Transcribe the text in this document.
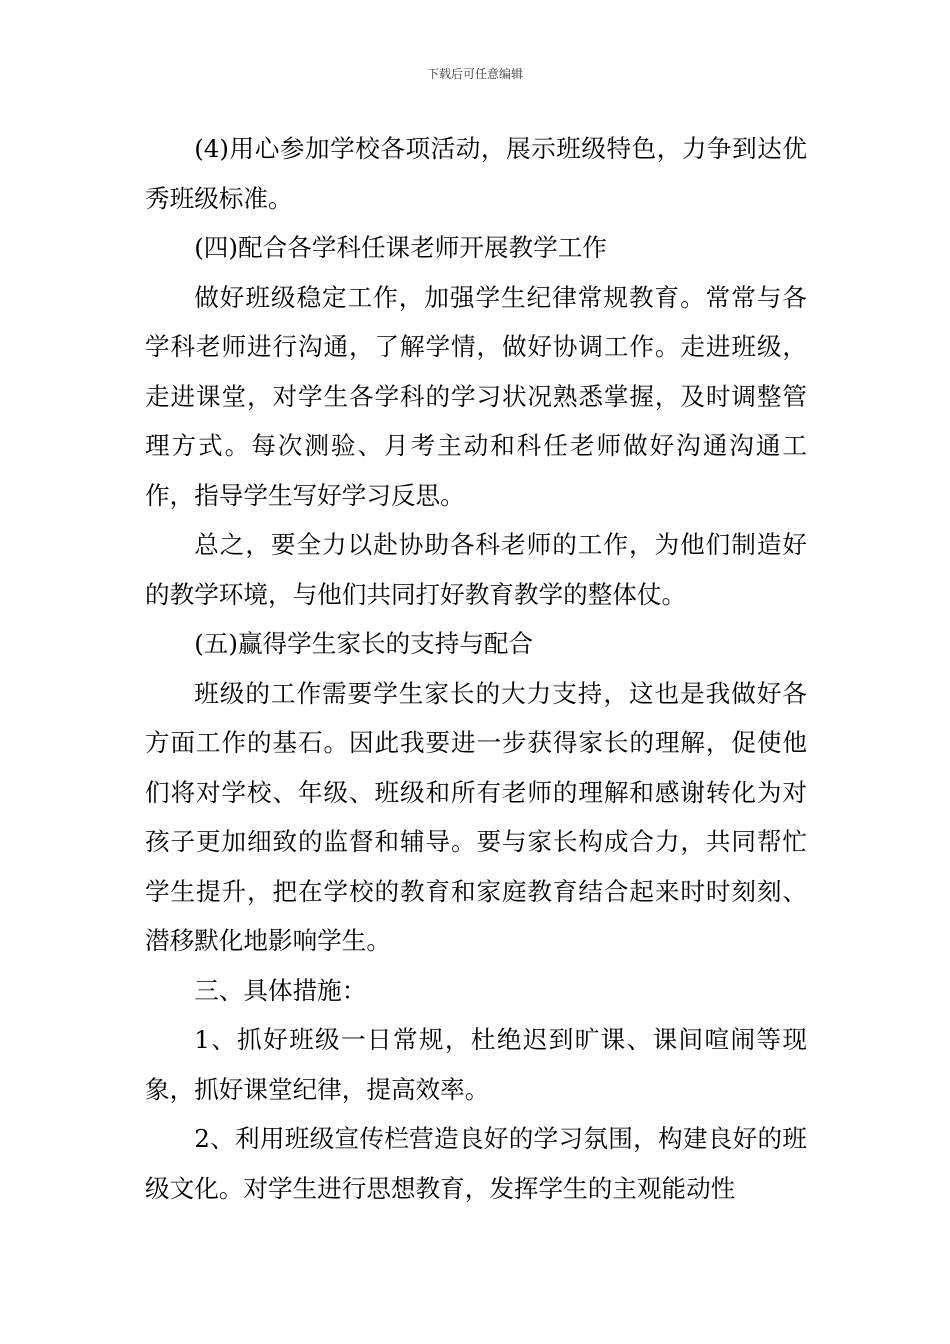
下载后可任意编辑

(4)用心参加学校各项活动，展示班级特色，力争到达优秀班级标准。

(四)配合各学科任课老师开展教学工作

做好班级稳定工作，加强学生纪律常规教育。常常与各学科老师进行沟通，了解学情，做好协调工作。走进班级，走进课堂，对学生各学科的学习状况熟悉掌握，及时调整管理方式。每次测验、月考主动和科任老师做好沟通沟通工作，指导学生写好学习反思。

总之，要全力以赴协助各科老师的工作，为他们制造好的教学环境，与他们共同打好教育教学的整体仗。

(五)赢得学生家长的支持与配合

班级的工作需要学生家长的大力支持，这也是我做好各方面工作的基石。因此我要进一步获得家长的理解，促使他们将对学校、年级、班级和所有老师的理解和感谢转化为对孩子更加细致的监督和辅导。要与家长构成合力，共同帮忙学生提升，把在学校的教育和家庭教育结合起来时时刻刻、潜移默化地影响学生。

三、具体措施：

1、抓好班级一日常规，杜绝迟到旷课、课间喧闹等现象，抓好课堂纪律，提高效率。

2、利用班级宣传栏营造良好的学习氛围，构建良好的班级文化。对学生进行思想教育，发挥学生的主观能动性
